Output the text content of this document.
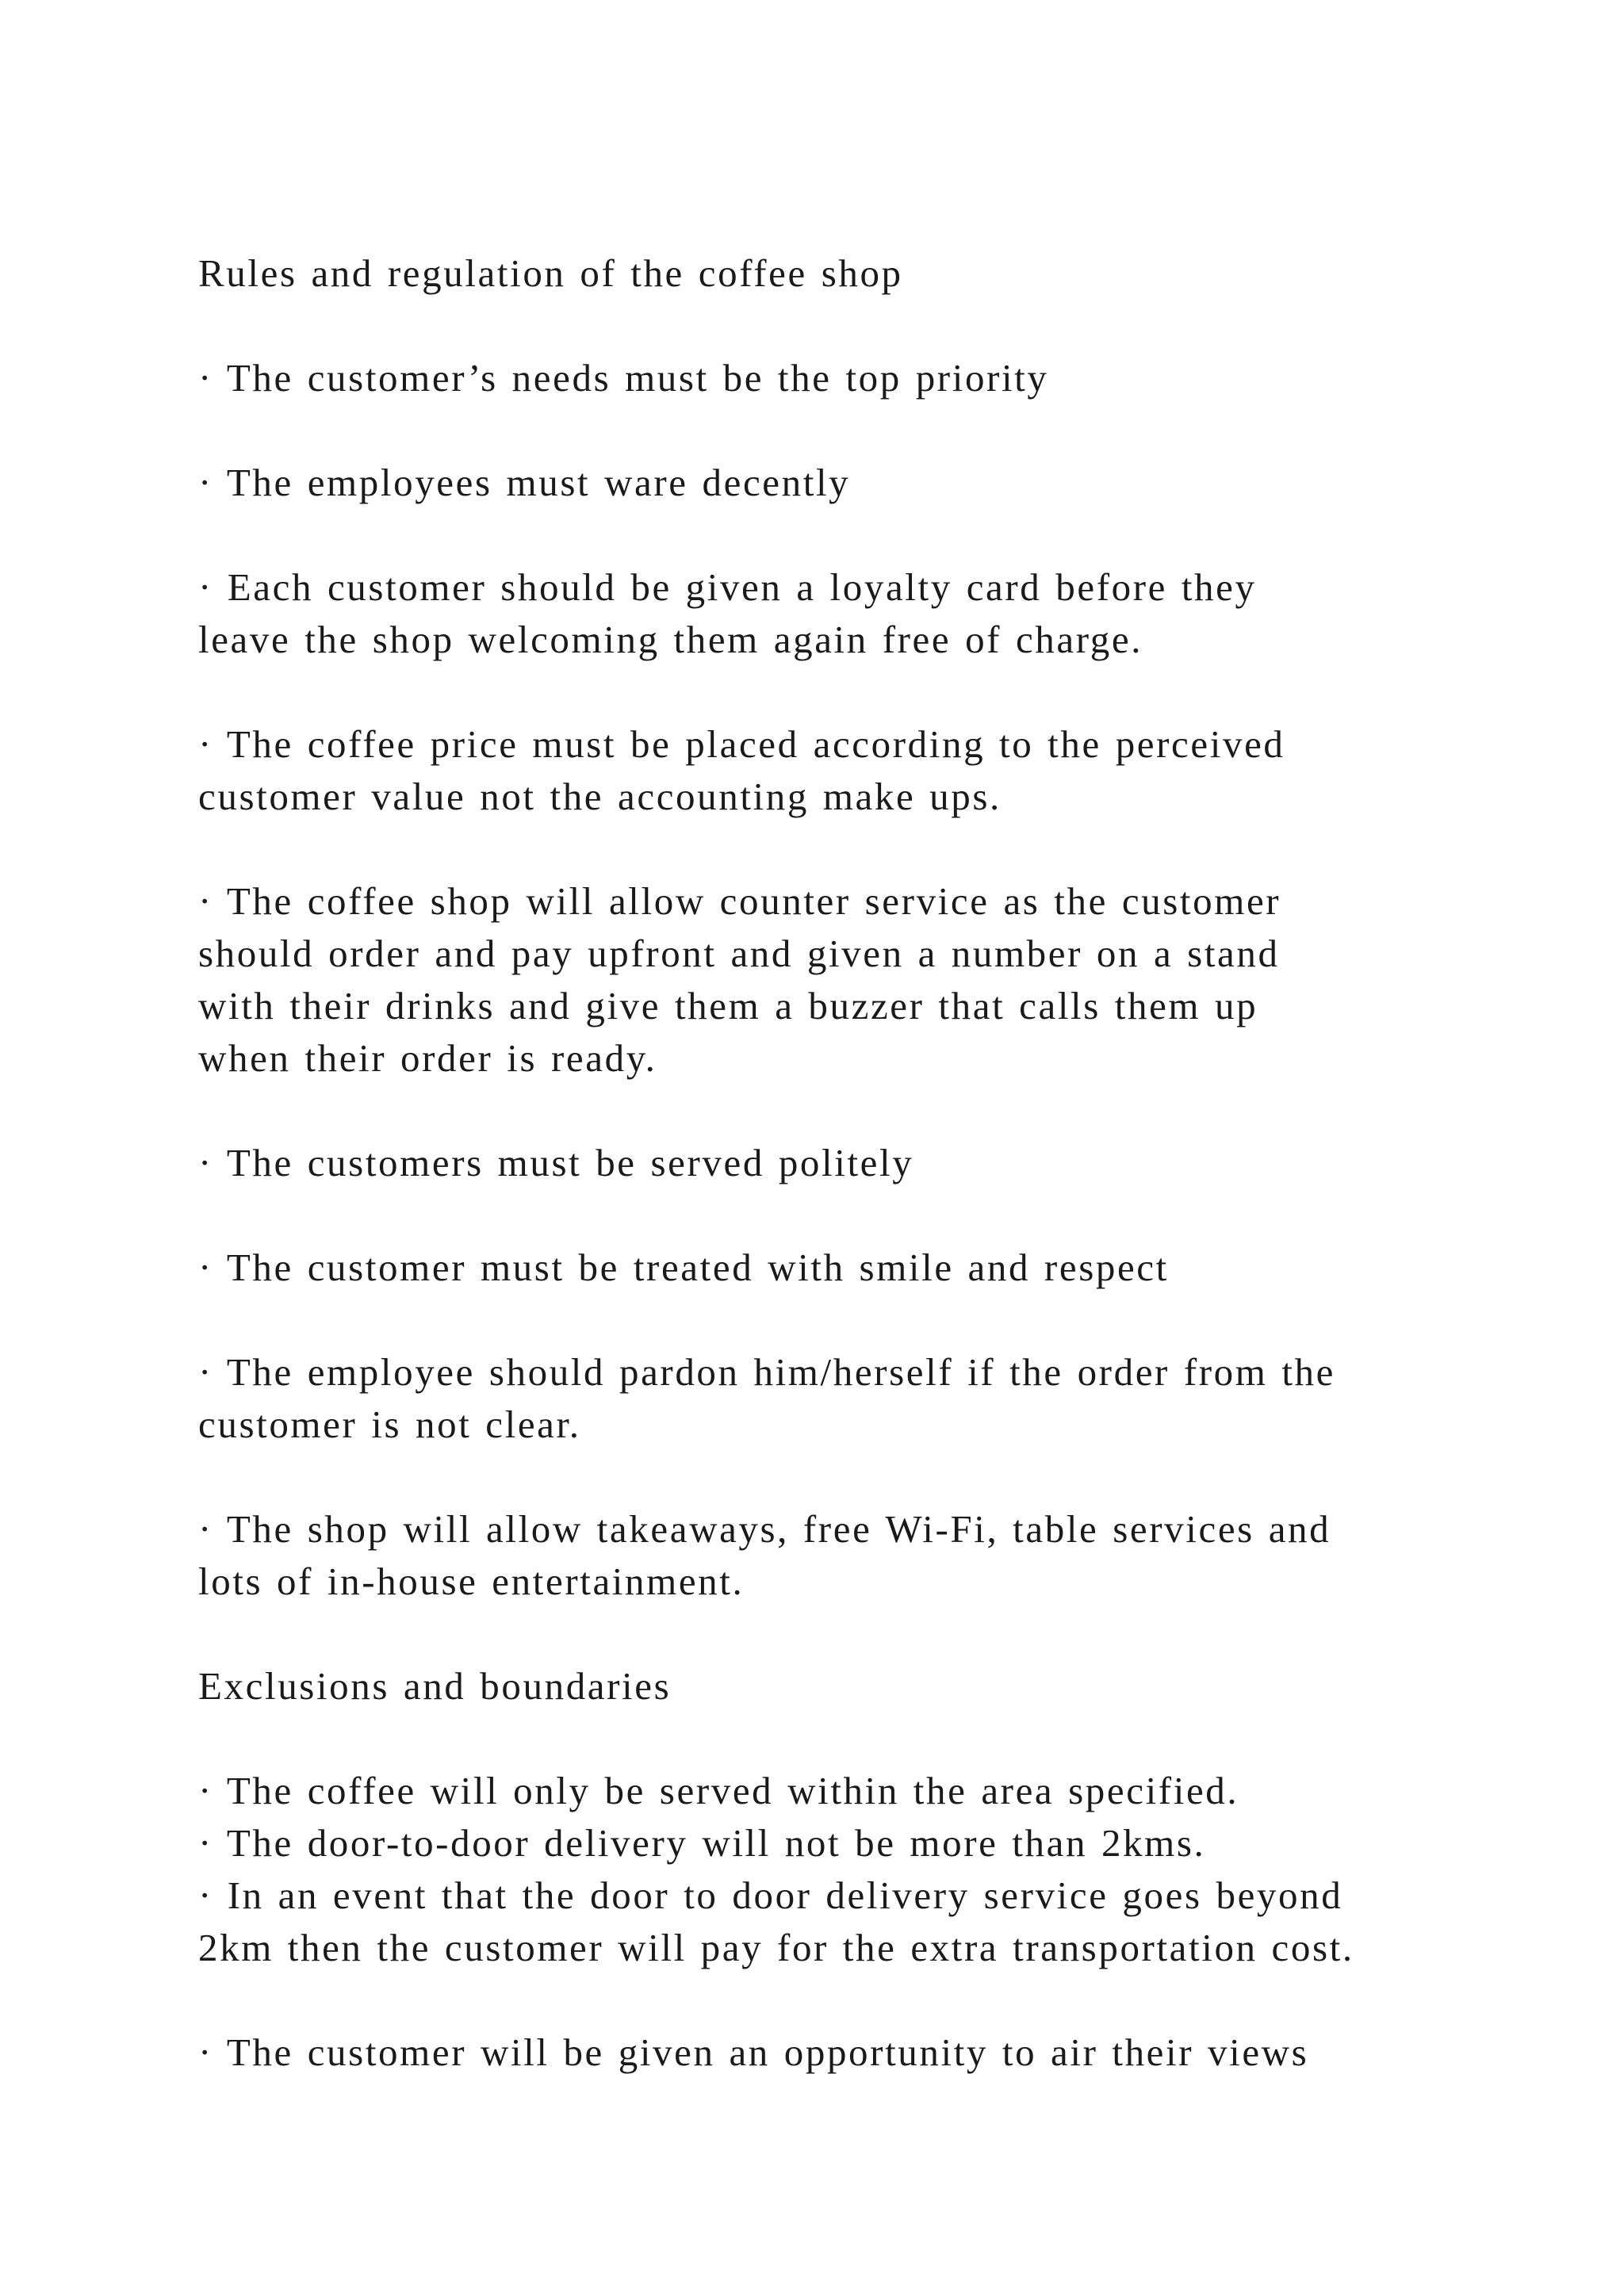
Rules and regulation of the coffee shop

· The customer’s needs must be the top priority

· The employees must ware decently

· Each customer should be given a loyalty card before they
leave the shop welcoming them again free of charge.

· The coffee price must be placed according to the perceived
customer value not the accounting make ups.

· The coffee shop will allow counter service as the customer
should order and pay upfront and given a number on a stand
with their drinks and give them a buzzer that calls them up
when their order is ready.

· The customers must be served politely

· The customer must be treated with smile and respect

· The employee should pardon him/herself if the order from the
customer is not clear.

· The shop will allow takeaways, free Wi-Fi, table services and
lots of in-house entertainment.

Exclusions and boundaries

· The coffee will only be served within the area specified.
· The door-to-door delivery will not be more than 2kms.
· In an event that the door to door delivery service goes beyond
2km then the customer will pay for the extra transportation cost.

· The customer will be given an opportunity to air their views
